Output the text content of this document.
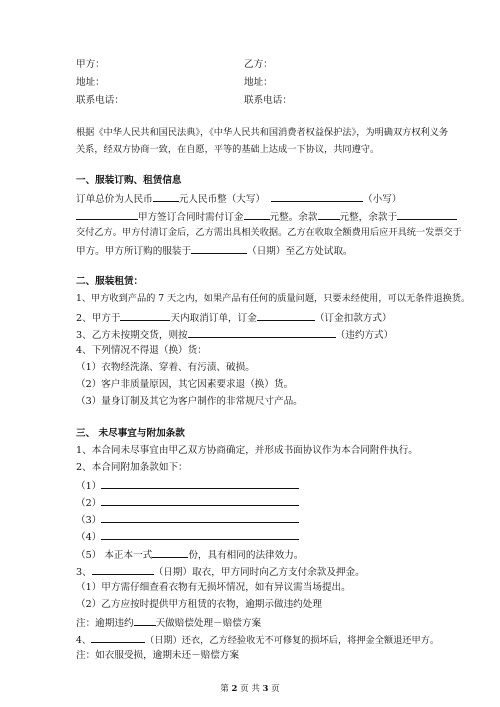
甲方：	乙方：
地址：	地址：
联系电话：	联系电话：
根据《中华人民共和国民法典》，《中华人民共和国消费者权益保护法》，为明确双方权利义务
关系，经双方协商一致，在自愿，平等的基础上达成一下协议，共同遵守。
一、服装订购、租赁信息
订单总价为人民币	元人民币整（大写）	（小写）
甲方签订合同时需付订金	元整。余款 元整，余款于
交付乙方。甲方付清订金后，乙方需出具相关收据。乙方在收取全额费用后应开具统一发票交于
甲方。甲方所订购的服装于	（日期）至乙方处试取。
二、服装租赁：
1、甲方收到产品的 7 天之内，如果产品有任何的质量问题，只要未经使用，可以无条件退换货。
2、甲方于	天内取消订单，订金	（订金扣款方式）
3、乙方未按期交货，则按	（违约方式）
4、下列情况不得退（换）货：
（1）衣物经洗涤、穿着、有污渍、破损。
（2）客户非质量原因，其它因素要求退（换）货。
（3）量身订制及其它为客户制作的非常规尺寸产品。
三、 未尽事宜与附加条款
1、本合同未尽事宜由甲乙双方协商确定，并形成书面协议作为本合同附件执行。
2、本合同附加条款如下：
（1）
（2）
（3）
（4）
（5） 本正本一式	份，具有相同的法律效力。
3、	（日期）取衣，甲方同时向乙方支付余款及押金。
（1）甲方需仔细查看衣物有无损坏情况，如有异议需当场提出。
（2）乙方应按时提供甲方租赁的衣物，逾期示做违约处理
注：逾期违约 天做赔偿处理－赔偿方案
4、	（日期）还衣，乙方经验收无不可修复的损坏后，将押金全额退还甲方。
注：如衣服受损，逾期未还－赔偿方案
第 2 页 共 3 页
